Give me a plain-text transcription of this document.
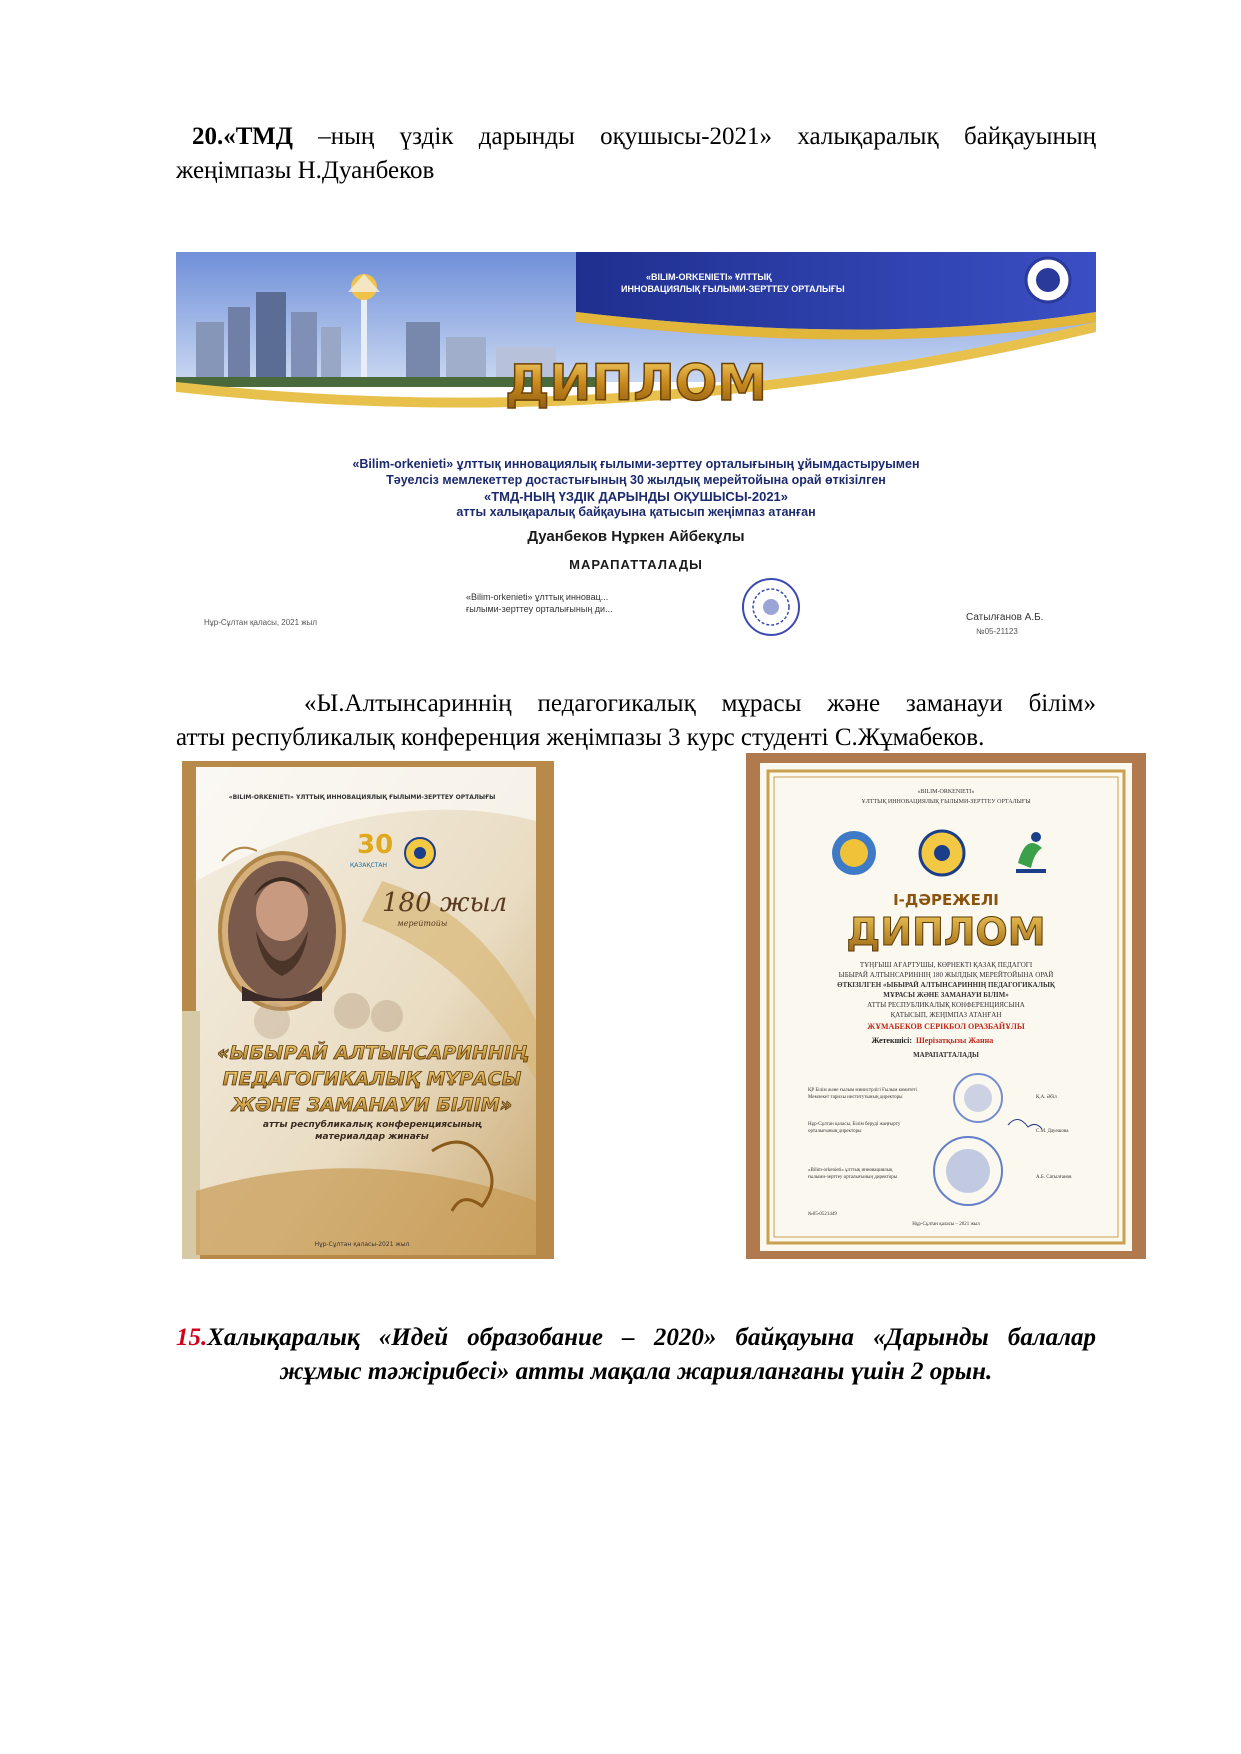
20.«ТМД –ның үздік дарынды оқушысы-2021» халықаралық байқауының
жеңімпазы Н.Дуанбеков
ДИПЛОМ
«BILIM-ORKENIETI» ҰЛТТЫҚ
ИННОВАЦИЯЛЫҚ ҒЫЛЫМИ-ЗЕРТТЕУ ОРТАЛЫҒЫ
«Bilim-orkenieti» ұлттық инновациялық ғылыми-зерттеу орталығының ұйымдастыруымен
Тәуелсіз мемлекеттер достастығының 30 жылдық мерейтойына орай өткізілген
«ТМД-НЫҢ ҮЗДІК ДАРЫНДЫ ОҚУШЫСЫ-2021»
атты халықаралық байқауына қатысып жеңімпаз атанған
Дуанбеков Нұркен Айбекұлы
МАРАПАТТАЛАДЫ
Нұр-Сұлтан қаласы, 2021 жыл
«Bilim-orkenieti» ұлттық инновац...
ғылыми-зерттеу орталығының ди...
Сатылғанов А.Б.
№05-21123
«Ы.Алтынсариннің педагогикалық мұрасы және заманауи білім»
атты республикалық конференция жеңімпазы 3 курс студенті С.Жұмабеков.
30
ҚАЗАҚСТАН
«BILIM-ORKENIETI» ҰЛТТЫҚ ИННОВАЦИЯЛЫҚ ҒЫЛЫМИ-ЗЕРТТЕУ ОРТАЛЫҒЫ
180 жыл
мерейтойы
«ЫБЫРАЙ АЛТЫНСАРИННІҢ
ПЕДАГОГИКАЛЫҚ МҰРАСЫ
ЖӘНЕ ЗАМАНАУИ БІЛІМ»
атты республикалық конференциясының
материалдар жинағы
Нұр-Сұлтан қаласы-2021 жыл
«BILIM-ORKENIETI»
ҰЛТТЫҚ ИННОВАЦИЯЛЫҚ ҒЫЛЫМИ-ЗЕРТТЕУ ОРТАЛЫҒЫ
І-ДӘРЕЖЕЛІ
ДИПЛОМ
ТҰҢҒЫШ АҒАРТУШЫ, КӨРНЕКТІ ҚАЗАҚ ПЕДАГОГІ
ЫБЫРАЙ АЛТЫНСАРИННІҢ 180 ЖЫЛДЫҚ МЕРЕЙТОЙЫНА ОРАЙ
ӨТКІЗІЛГЕН «ЫБЫРАЙ АЛТЫНСАРИННІҢ ПЕДАГОГИКАЛЫҚ
МҰРАСЫ ЖӘНЕ ЗАМАНАУИ БІЛІМ»
АТТЫ РЕСПУБЛИКАЛЫҚ КОНФЕРЕНЦИЯСЫНА
ҚАТЫСЫП, ЖЕҢІМПАЗ АТАНҒАН
ЖҰМАБЕКОВ СЕРІКБОЛ ОРАЗБАЙҰЛЫ
Жетекшісі: Шерізатқызы Жанна
МАРАПАТТАЛАДЫ
ҚР Білім және ғылым министрлігі Ғылым комитеті
Мемлекет тарихы институтының директоры	Қ.А. Әбіл
Нұр-Сұлтан қаласы, Білім беруді жаңғырту
орталығының директоры	С.М. Дауешова
«Bilim-orkenieti» ұлттық инновациялық
ғылыми-зерттеу орталығының директоры	А.Б. Сатылғанов
№05-0521449
Нұр-Сұлтан қаласы – 2021 жыл
15.Халықаралық «Идей образобание – 2020» байқауына «Дарынды балалар
жұмыс тәжірибесі» атты мақала жарияланғаны үшін 2 орын.
